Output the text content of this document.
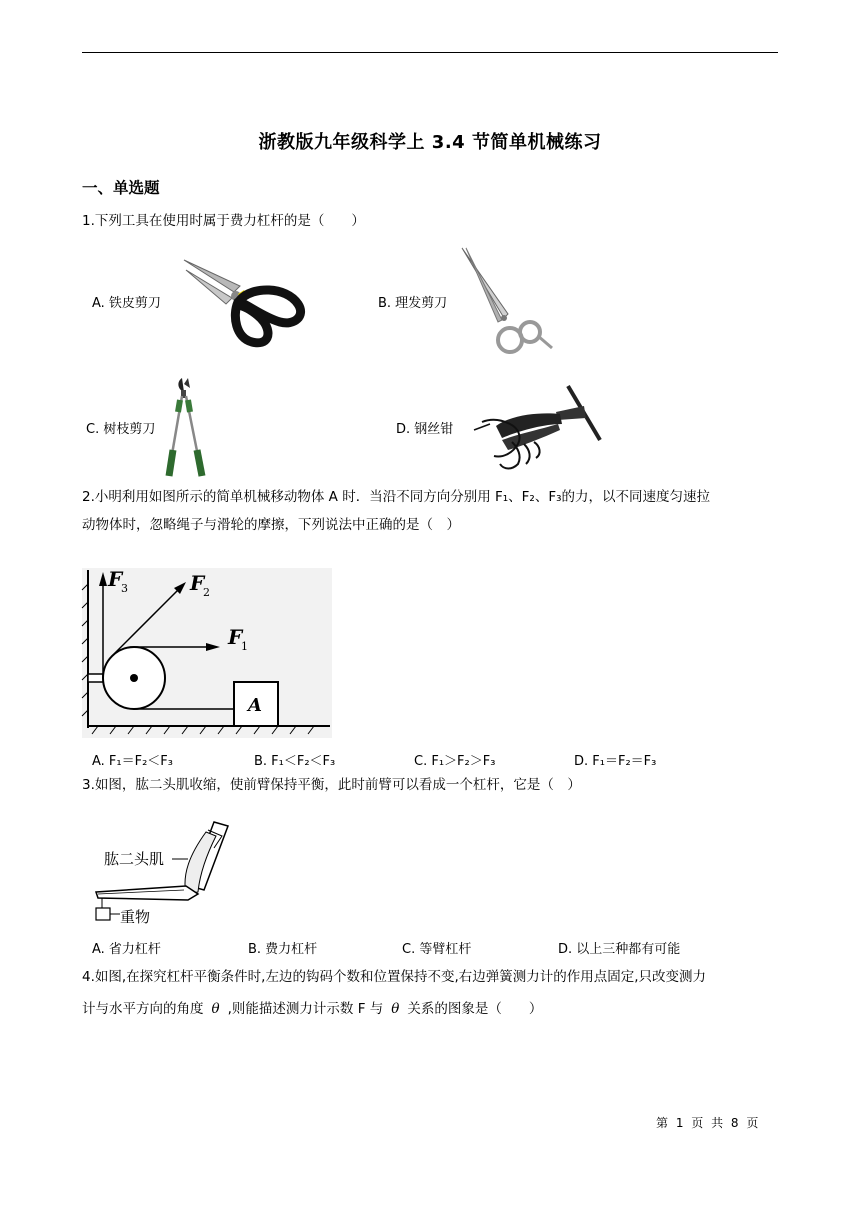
浙教版九年级科学上 3.4 节简单机械练习
一、单选题
1.下列工具在使用时属于费力杠杆的是（　　）
A. 铁皮剪刀	B. 理发剪刀
C. 树枝剪刀	D. 钢丝钳
2.小明利用如图所示的简单机械移动物体 A 时．当沿不同方向分别用 F₁、F₂、F₃的力，以不同速度匀速拉
动物体时，忽略绳子与滑轮的摩擦，下列说法中正确的是（　）
F
3	F
2
F
1
A
A. F₁＝F₂＜F₃	B. F₁＜F₂＜F₃	C. F₁＞F₂＞F₃	D. F₁＝F₂＝F₃
3.如图，肱二头肌收缩，使前臂保持平衡，此时前臂可以看成一个杠杆，它是（　）
肱二头肌
重物
A. 省力杠杆	B. 费力杠杆	C. 等臂杠杆	D. 以上三种都有可能
4.如图,在探究杠杆平衡条件时,左边的钩码个数和位置保持不变,右边弹簧测力计的作用点固定,只改变测力
计与水平方向的角度 θ ,则能描述测力计示数 F 与 θ 关系的图象是（　　）
第 1 页 共 8 页
